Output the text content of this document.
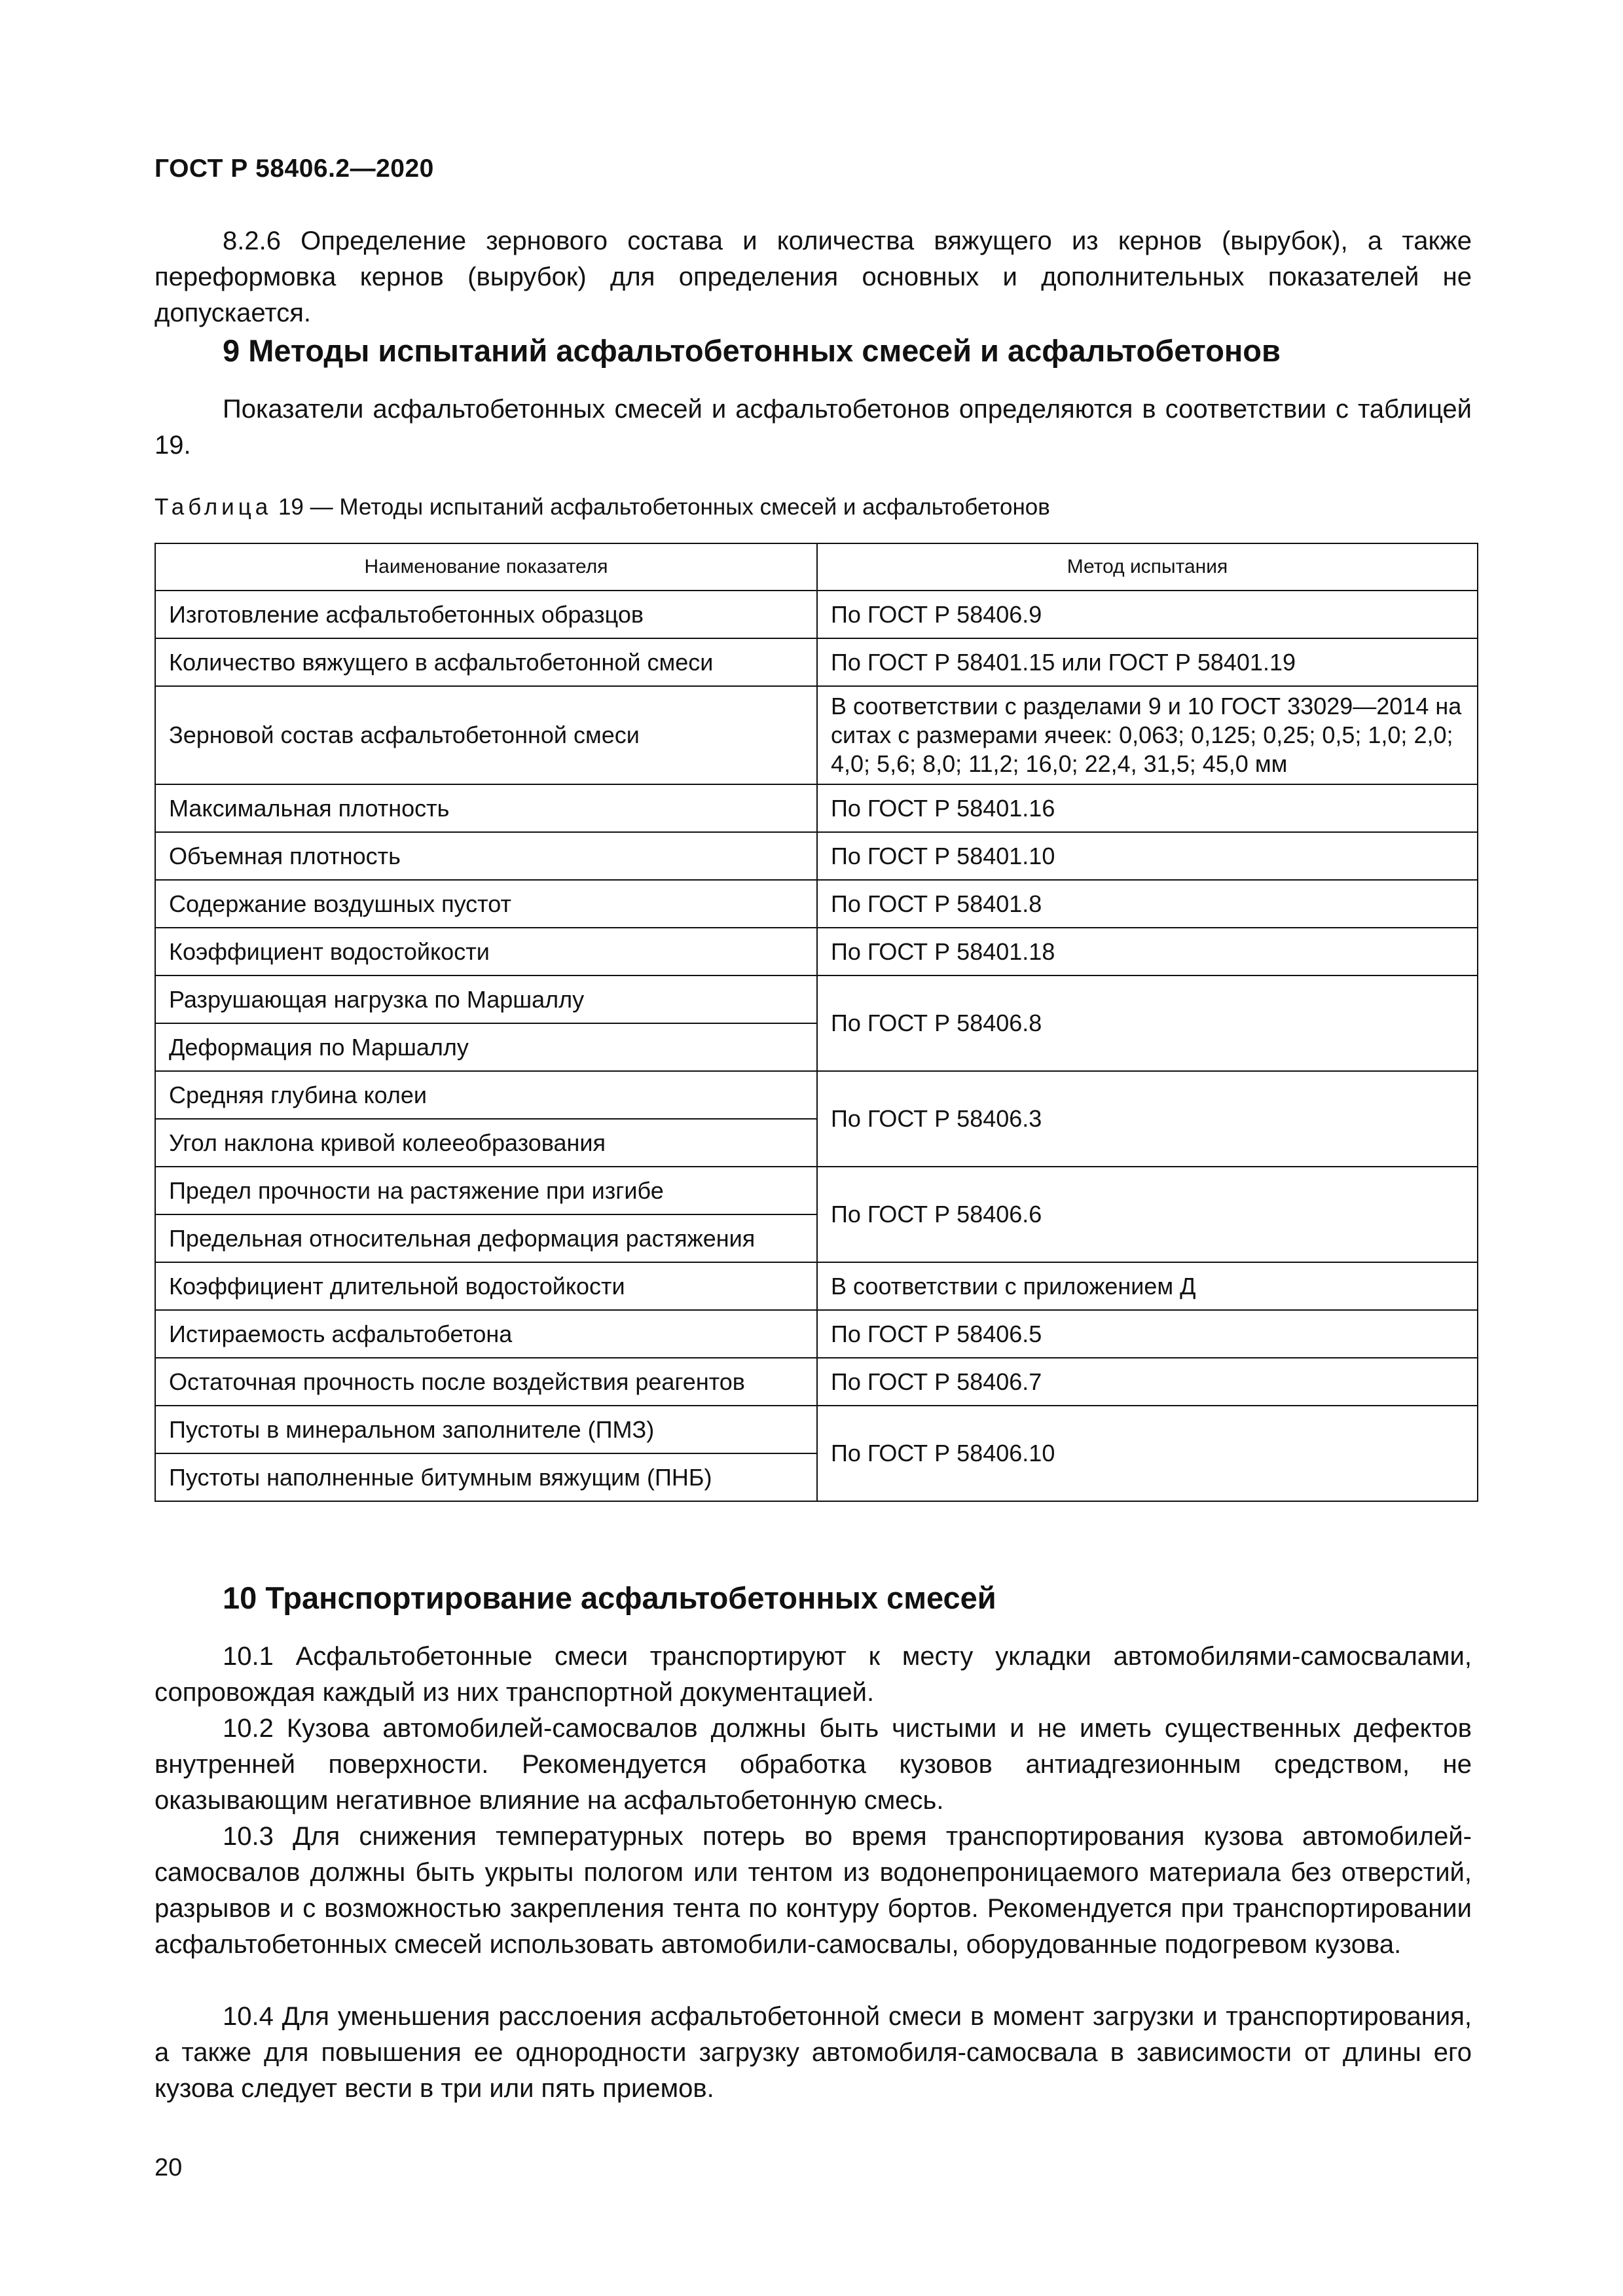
ГОСТ Р 58406.2—2020

8.2.6 Определение зернового состава и количества вяжущего из кернов (вырубок), а также переформовка кернов (вырубок) для определения основных и дополнительных показателей не допускается.

9 Методы испытаний асфальтобетонных смесей и асфальтобетонов

Показатели асфальтобетонных смесей и асфальтобетонов определяются в соответствии с таблицей 19.

Таблица 19 — Методы испытаний асфальтобетонных смесей и асфальтобетонов
Наименование показателя	Метод испытания
Изготовление асфальтобетонных образцов	По ГОСТ Р 58406.9
Количество вяжущего в асфальтобетонной смеси	По ГОСТ Р 58401.15 или ГОСТ Р 58401.19
Зерновой состав асфальтобетонной смеси	В соответствии с разделами 9 и 10 ГОСТ 33029—2014 на ситах с размерами ячеек: 0,063; 0,125; 0,25; 0,5; 1,0; 2,0; 4,0; 5,6; 8,0; 11,2; 16,0; 22,4, 31,5; 45,0 мм
Максимальная плотность	По ГОСТ Р 58401.16
Объемная плотность	По ГОСТ Р 58401.10
Содержание воздушных пустот	По ГОСТ Р 58401.8
Коэффициент водостойкости	По ГОСТ Р 58401.18
Разрушающая нагрузка по Маршаллу	По ГОСТ Р 58406.8
Деформация по Маршаллу	
Средняя глубина колеи	По ГОСТ Р 58406.3
Угол наклона кривой колееобразования	
Предел прочности на растяжение при изгибе	По ГОСТ Р 58406.6
Предельная относительная деформация растяжения	
Коэффициент длительной водостойкости	В соответствии с приложением Д
Истираемость асфальтобетона	По ГОСТ Р 58406.5
Остаточная прочность после воздействия реагентов	По ГОСТ Р 58406.7
Пустоты в минеральном заполнителе (ПМЗ)	По ГОСТ Р 58406.10
Пустоты наполненные битумным вяжущим (ПНБ)	
10 Транспортирование асфальтобетонных смесей

10.1 Асфальтобетонные смеси транспортируют к месту укладки автомобилями-самосвалами, сопровождая каждый из них транспортной документацией.

10.2 Кузова автомобилей-самосвалов должны быть чистыми и не иметь существенных дефектов внутренней поверхности. Рекомендуется обработка кузовов антиадгезионным средством, не оказывающим негативное влияние на асфальтобетонную смесь.

10.3 Для снижения температурных потерь во время транспортирования кузова автомобилей-самосвалов должны быть укрыты пологом или тентом из водонепроницаемого материала без отверстий, разрывов и с возможностью закрепления тента по контуру бортов. Рекомендуется при транспортировании асфальтобетонных смесей использовать автомобили-самосвалы, оборудованные подогревом кузова.

10.4 Для уменьшения расслоения асфальтобетонной смеси в момент загрузки и транспортирования, а также для повышения ее однородности загрузку автомобиля-самосвала в зависимости от длины его кузова следует вести в три или пять приемов.

20
